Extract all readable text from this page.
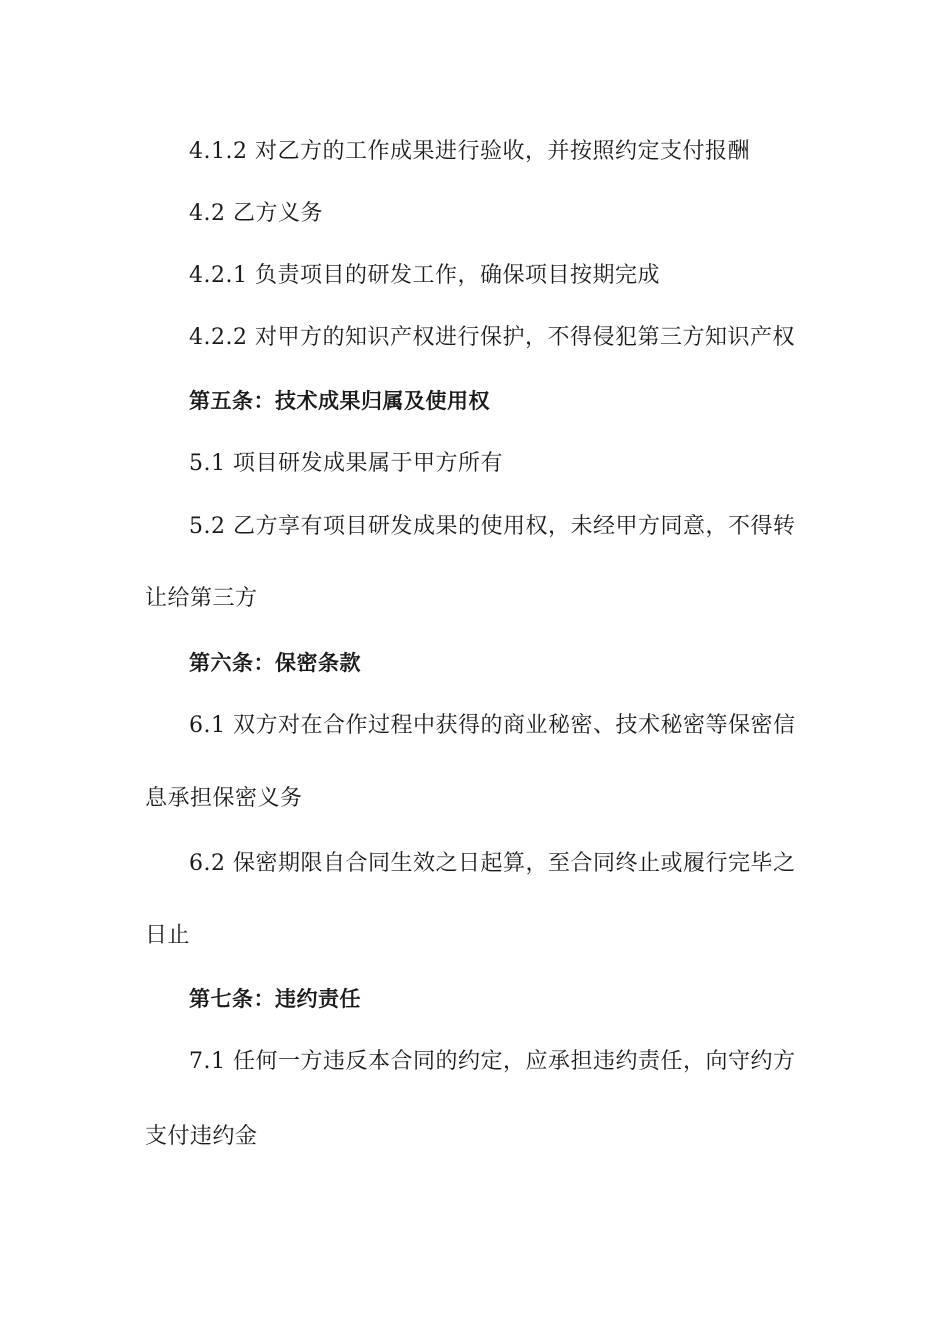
4.1.2 对乙方的工作成果进行验收，并按照约定支付报酬
4.2 乙方义务
4.2.1 负责项目的研发工作，确保项目按期完成
4.2.2 对甲方的知识产权进行保护，不得侵犯第三方知识产权
第五条：技术成果归属及使用权
5.1 项目研发成果属于甲方所有
5.2 乙方享有项目研发成果的使用权，未经甲方同意，不得转
让给第三方
第六条：保密条款
6.1 双方对在合作过程中获得的商业秘密、技术秘密等保密信
息承担保密义务
6.2 保密期限自合同生效之日起算，至合同终止或履行完毕之
日止
第七条：违约责任
7.1 任何一方违反本合同的约定，应承担违约责任，向守约方
支付违约金
